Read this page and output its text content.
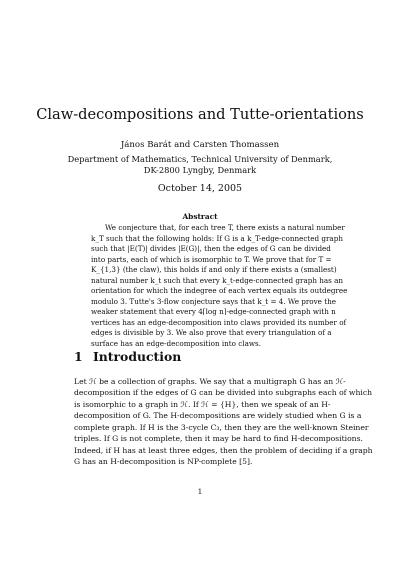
Claw-decompositions and Tutte-orientations
János Barát and Carsten Thomassen
Department of Mathematics, Technical University of Denmark,
DK-2800 Lyngby, Denmark
October 14, 2005
Abstract
We conjecture that, for each tree T, there exists a natural number
k_T such that the following holds: If G is a k_T-edge-connected graph
such that |E(T)| divides |E(G)|, then the edges of G can be divided
into parts, each of which is isomorphic to T. We prove that for T =
K_{1,3} (the claw), this holds if and only if there exists a (smallest)
natural number k_t such that every k_t-edge-connected graph has an
orientation for which the indegree of each vertex equals its outdegree
modulo 3. Tutte's 3-flow conjecture says that k_t = 4. We prove the
weaker statement that every 4⌈log n⌉-edge-connected graph with n
vertices has an edge-decomposition into claws provided its number of
edges is divisible by 3. We also prove that every triangulation of a
surface has an edge-decomposition into claws.
1 Introduction
Let ℋ be a collection of graphs. We say that a multigraph G has an ℋ-
decomposition if the edges of G can be divided into subgraphs each of which
is isomorphic to a graph in ℋ. If ℋ = {H}, then we speak of an H-
decomposition of G. The H-decompositions are widely studied when G is a
complete graph. If H is the 3-cycle C₃, then they are the well-known Steiner
triples. If G is not complete, then it may be hard to find H-decompositions.
Indeed, if H has at least three edges, then the problem of deciding if a graph
G has an H-decomposition is NP-complete [5].
1
